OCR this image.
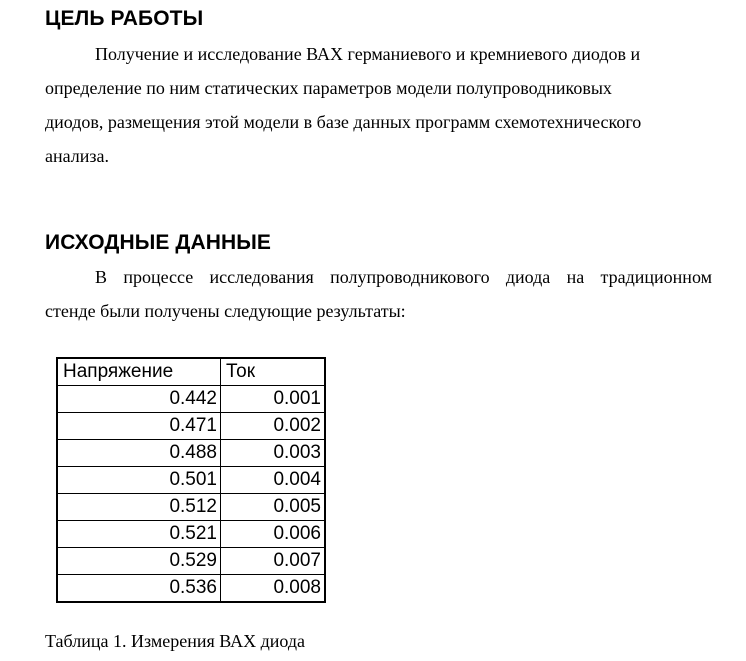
ЦЕЛЬ РАБОТЫ

Получение и исследование ВАХ германиевого и кремниевого диодов и
определение по ним статических параметров модели полупроводниковых
диодов, размещения этой модели в базе данных программ схемотехнического
анализа.

ИСХОДНЫЕ ДАННЫЕ

В процессе исследования полупроводникового диода на традиционном
стенде были получены следующие результаты:

Напряжение	Ток
0.442	0.001
0.471	0.002
0.488	0.003
0.501	0.004
0.512	0.005
0.521	0.006
0.529	0.007
0.536	0.008

Таблица 1. Измерения ВАХ диода
